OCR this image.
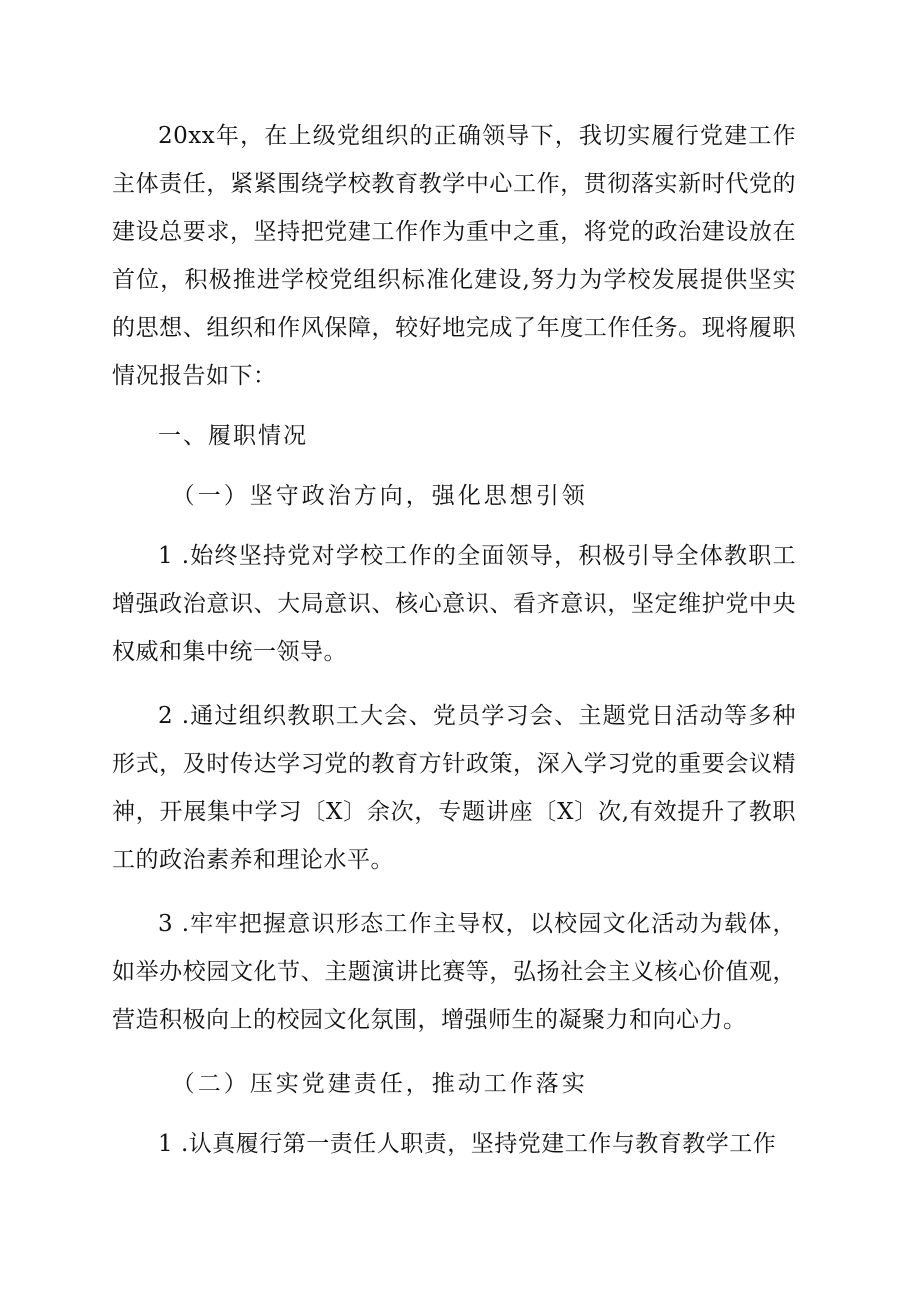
20xx年，在上级党组织的正确领导下，我切实履行党建工作主体责任，紧紧围绕学校教育教学中心工作，贯彻落实新时代党的建设总要求，坚持把党建工作作为重中之重，将党的政治建设放在首位，积极推进学校党组织标准化建设,努力为学校发展提供坚实的思想、组织和作风保障，较好地完成了年度工作任务。现将履职情况报告如下：

一、履职情况

（一）坚守政治方向，强化思想引领

1 .始终坚持党对学校工作的全面领导，积极引导全体教职工增强政治意识、大局意识、核心意识、看齐意识，坚定维护党中央权威和集中统一领导。

2 .通过组织教职工大会、党员学习会、主题党日活动等多种形式，及时传达学习党的教育方针政策，深入学习党的重要会议精神，开展集中学习〔X〕余次，专题讲座〔X〕次,有效提升了教职工的政治素养和理论水平。

3 .牢牢把握意识形态工作主导权，以校园文化活动为载体，如举办校园文化节、主题演讲比赛等，弘扬社会主义核心价值观，营造积极向上的校园文化氛围，增强师生的凝聚力和向心力。

（二）压实党建责任，推动工作落实

1 .认真履行第一责任人职责，坚持党建工作与教育教学工作
